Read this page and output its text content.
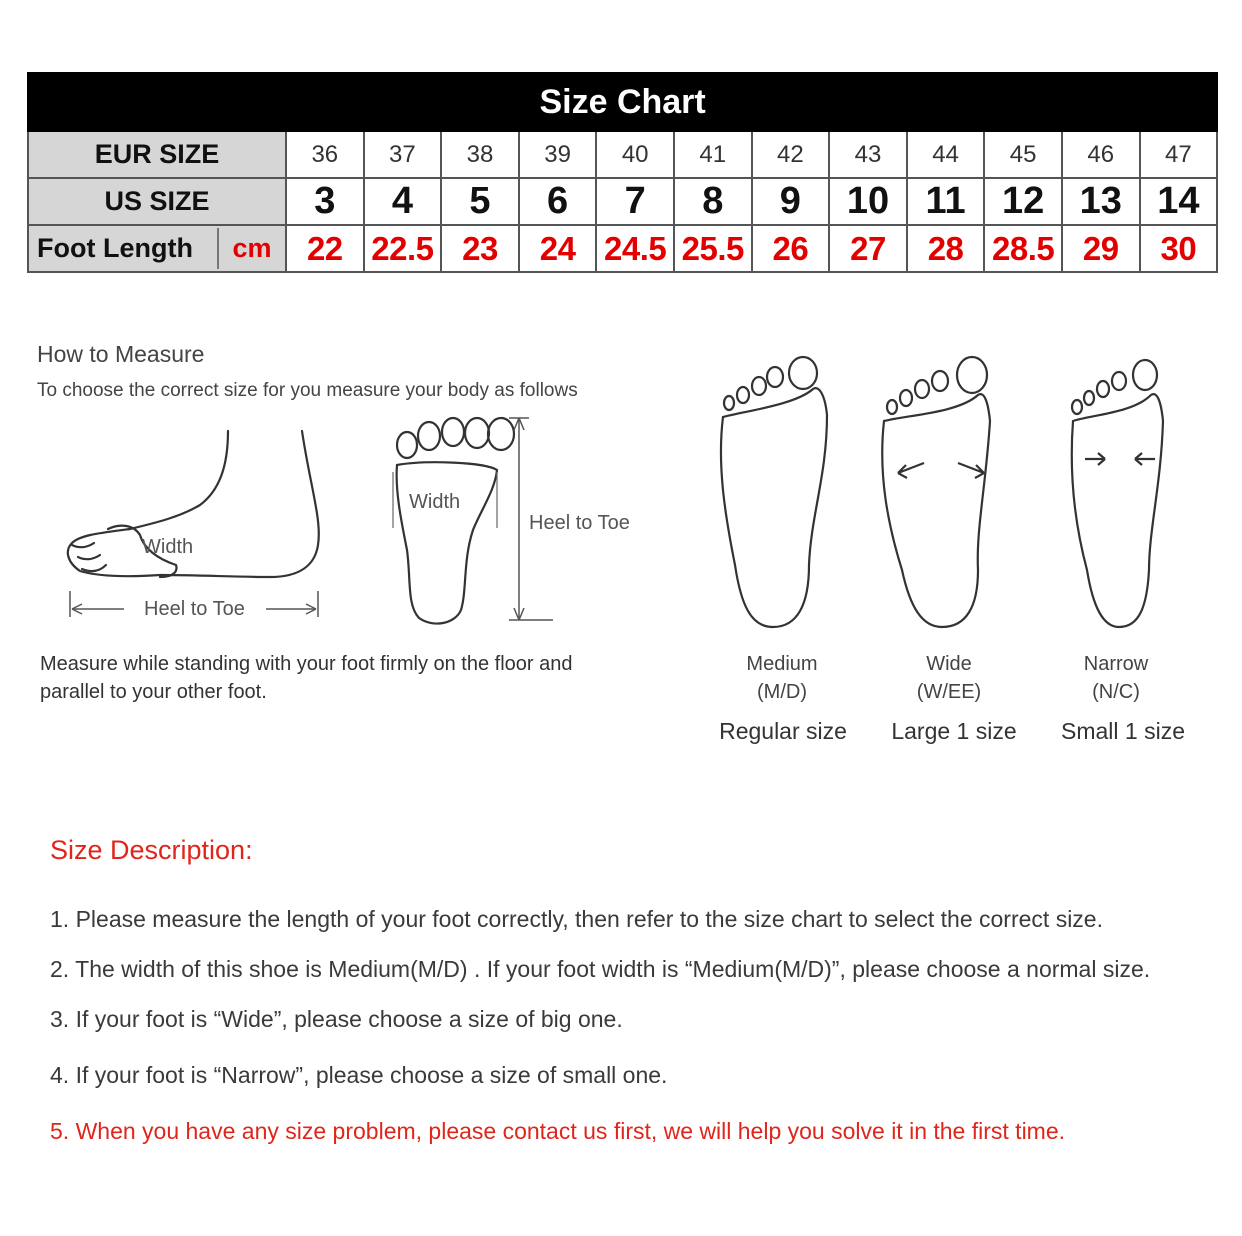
Size Chart												
EUR SIZE	36	37	38	39	40	41	42	43	44	45	46	47
US SIZE	3	4	5	6	7	8	9	10	11	12	13	14

Foot Length cm	22	22.5	23	24	24.5	25.5	26	27	28	28.5	29	30
How to Measure
To choose the correct size for you measure your body as follows
Width
Heel to Toe
Width
Heel to Toe
Measure while standing with your foot firmly on the floor and parallel to your other foot.
Medium
(M/D)
Regular size
Wide
(W/EE)
Large 1 size
Narrow
(N/C)
Small 1 size
Size Description:
1. Please measure the length of your foot correctly, then refer to the size chart to select the correct size.
2. The width of this shoe is Medium(M/D) . If your foot width is “Medium(M/D)”, please choose a normal size.
3. If your foot is “Wide”, please choose a size of big one.
4. If your foot is “Narrow”, please choose a size of small one.
5. When you have any size problem, please contact us first, we will help you solve it in the first time.
